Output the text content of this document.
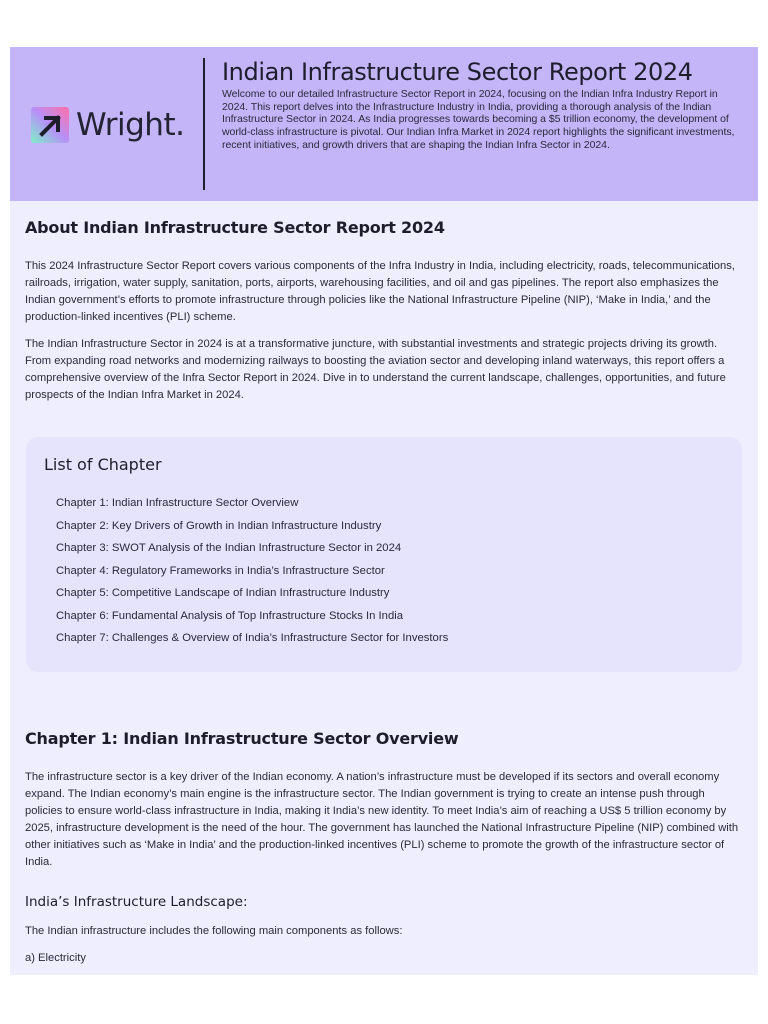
Wright.
Indian Infrastructure Sector Report 2024
Welcome to our detailed Infrastructure Sector Report in 2024, focusing on the Indian Infra Industry Report in 2024. This report delves into the Infrastructure Industry in India, providing a thorough analysis of the Indian Infrastructure Sector in 2024. As India progresses towards becoming a $5 trillion economy, the development of world-class infrastructure is pivotal. Our Indian Infra Market in 2024 report highlights the significant investments, recent initiatives, and growth drivers that are shaping the Indian Infra Sector in 2024.
About Indian Infrastructure Sector Report 2024

This 2024 Infrastructure Sector Report covers various components of the Infra Industry in India, including electricity, roads, telecommunications, railroads, irrigation, water supply, sanitation, ports, airports, warehousing facilities, and oil and gas pipelines. The report also emphasizes the Indian government’s efforts to promote infrastructure through policies like the National Infrastructure Pipeline (NIP), ‘Make in India,’ and the production-linked incentives (PLI) scheme.

The Indian Infrastructure Sector in 2024 is at a transformative juncture, with substantial investments and strategic projects driving its growth. From expanding road networks and modernizing railways to boosting the aviation sector and developing inland waterways, this report offers a comprehensive overview of the Infra Sector Report in 2024. Dive in to understand the current landscape, challenges, opportunities, and future prospects of the Indian Infra Market in 2024.

List of Chapter
Chapter 1: Indian Infrastructure Sector Overview
Chapter 2: Key Drivers of Growth in Indian Infrastructure Industry
Chapter 3: SWOT Analysis of the Indian Infrastructure Sector in 2024
Chapter 4: Regulatory Frameworks in India’s Infrastructure Sector
Chapter 5: Competitive Landscape of Indian Infrastructure Industry
Chapter 6: Fundamental Analysis of Top Infrastructure Stocks In India
Chapter 7: Challenges & Overview of India’s Infrastructure Sector for Investors
Chapter 1: Indian Infrastructure Sector Overview

The infrastructure sector is a key driver of the Indian economy. A nation’s infrastructure must be developed if its sectors and overall economy expand. The Indian economy’s main engine is the infrastructure sector. The Indian government is trying to create an intense push through policies to ensure world-class infrastructure in India, making it India’s new identity. To meet India’s aim of reaching a US$ 5 trillion economy by 2025, infrastructure development is the need of the hour. The government has launched the National Infrastructure Pipeline (NIP) combined with other initiatives such as ‘Make in India’ and the production-linked incentives (PLI) scheme to promote the growth of the infrastructure sector of India.

India’s Infrastructure Landscape:

The Indian infrastructure includes the following main components as follows:

a) Electricity
